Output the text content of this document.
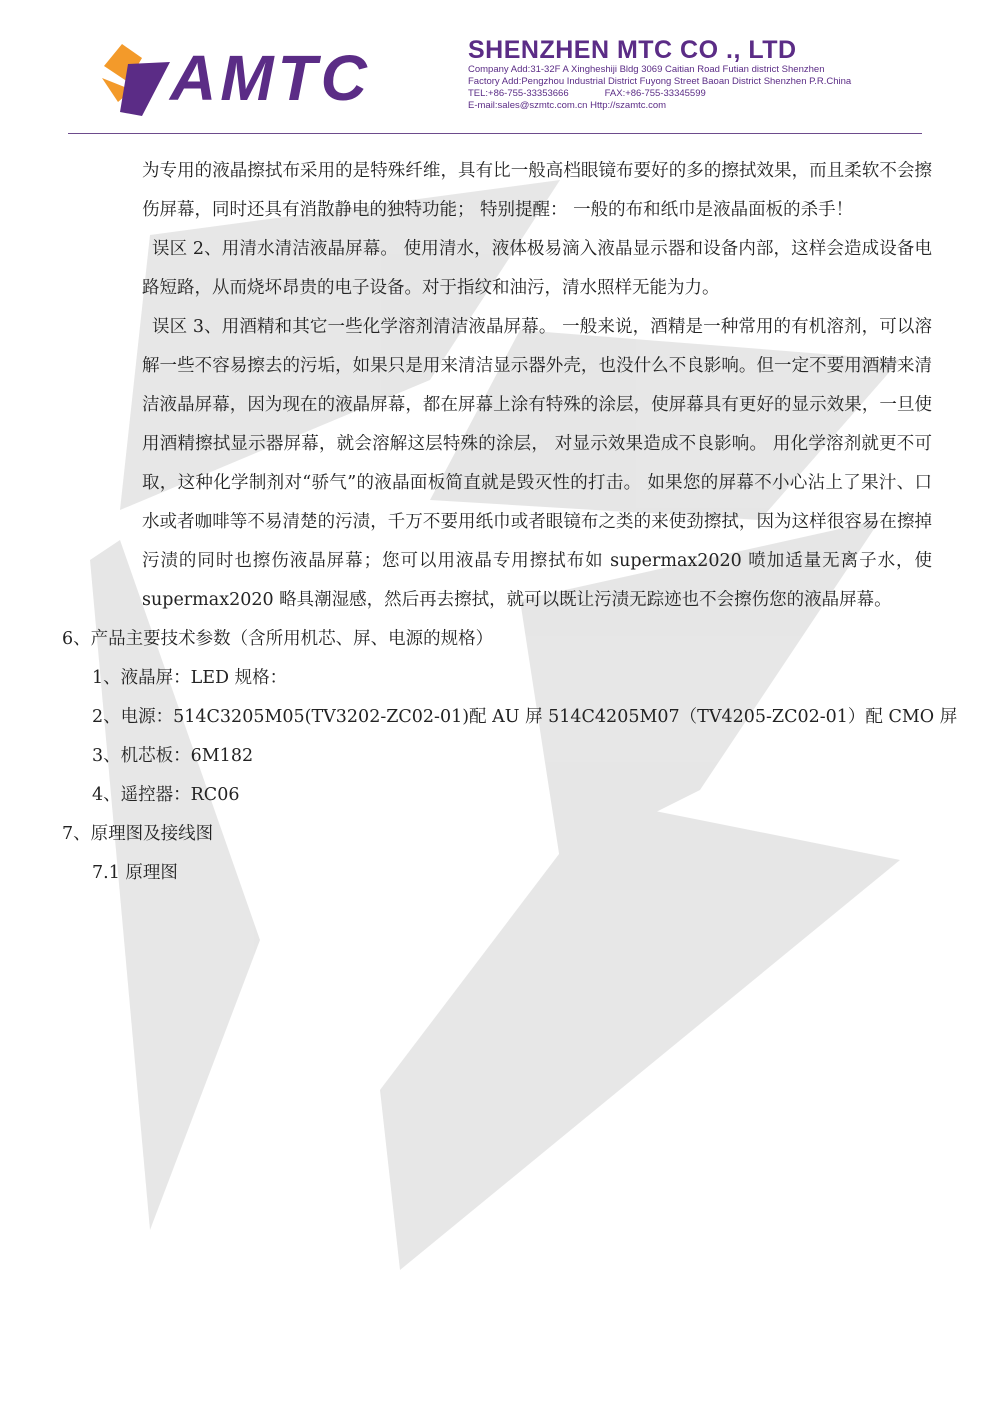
AMTC	SHENZHEN MTC CO ., LTD
Company Add:31-32F A Xingheshiji Bldg 3069 Caitian Road Futian district Shenzhen
Factory Add:Pengzhou Industrial District Fuyong Street Baoan District Shenzhen P.R.China
TEL:+86-755-33353666	FAX:+86-755-33345599
E-mail:sales@szmtc.com.cn Http://szamtc.com

为专用的液晶擦拭布采用的是特殊纤维，具有比一般高档眼镜布要好的多的擦拭效果，而且柔软不会擦伤屏幕，同时还具有消散静电的独特功能； 特别提醒： 一般的布和纸巾是液晶面板的杀手！

误区 2、用清水清洁液晶屏幕。 使用清水，液体极易滴入液晶显示器和设备内部，这样会造成设备电路短路，从而烧坏昂贵的电子设备。对于指纹和油污，清水照样无能为力。

误区 3、用酒精和其它一些化学溶剂清洁液晶屏幕。 一般来说，酒精是一种常用的有机溶剂，可以溶解一些不容易擦去的污垢，如果只是用来清洁显示器外壳，也没什么不良影响。但一定不要用酒精来清洁液晶屏幕，因为现在的液晶屏幕，都在屏幕上涂有特殊的涂层，使屏幕具有更好的显示效果，一旦使用酒精擦拭显示器屏幕，就会溶解这层特殊的涂层， 对显示效果造成不良影响。 用化学溶剂就更不可取，这种化学制剂对“骄气”的液晶面板简直就是毁灭性的打击。 如果您的屏幕不小心沾上了果汁、口水或者咖啡等不易清楚的污渍，千万不要用纸巾或者眼镜布之类的来使劲擦拭，因为这样很容易在擦掉污渍的同时也擦伤液晶屏幕；您可以用液晶专用擦拭布如 supermax2020 喷加适量无离子水，使 supermax2020 略具潮湿感，然后再去擦拭，就可以既让污渍无踪迹也不会擦伤您的液晶屏幕。

6、产品主要技术参数（含所用机芯、屏、电源的规格）

1、液晶屏：LED 规格：

2、电源：514C3205M05(TV3202-ZC02-01)配 AU 屏 514C4205M07（TV4205-ZC02-01）配 CMO 屏

3、机芯板：6M182

4、遥控器：RC06

7、原理图及接线图

7.1 原理图
